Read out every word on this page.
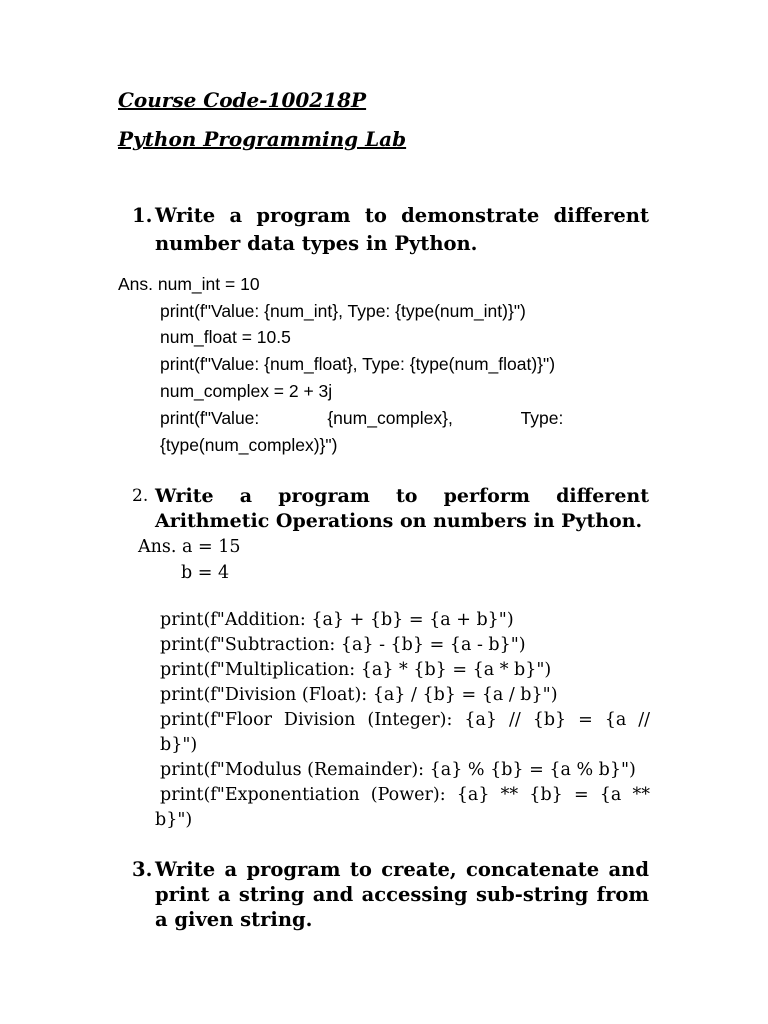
Course Code-100218P
Python Programming Lab
1. Write a program to demonstrate different number data types in Python.
Ans. num_int = 10
print(f"Value: {num_int}, Type: {type(num_int)}")
num_float = 10.5
print(f"Value: {num_float}, Type: {type(num_float)}")
num_complex = 2 + 3j
print(f"Value:              {num_complex},              Type:
{type(num_complex)}")
2. Write a program to perform different Arithmetic Operations on numbers in Python.
Ans. a = 15
b = 4
print(f"Addition: {a} + {b} = {a + b}")
print(f"Subtraction: {a} - {b} = {a - b}")
print(f"Multiplication: {a} * {b} = {a * b}")
print(f"Division (Float): {a} / {b} = {a / b}")
print(f"Floor Division (Integer): {a} // {b} = {a //
b}")
print(f"Modulus (Remainder): {a} % {b} = {a % b}")
print(f"Exponentiation (Power): {a} ** {b} = {a **
b}")
3. Write a program to create, concatenate and print a string and accessing sub-string from a given string.
